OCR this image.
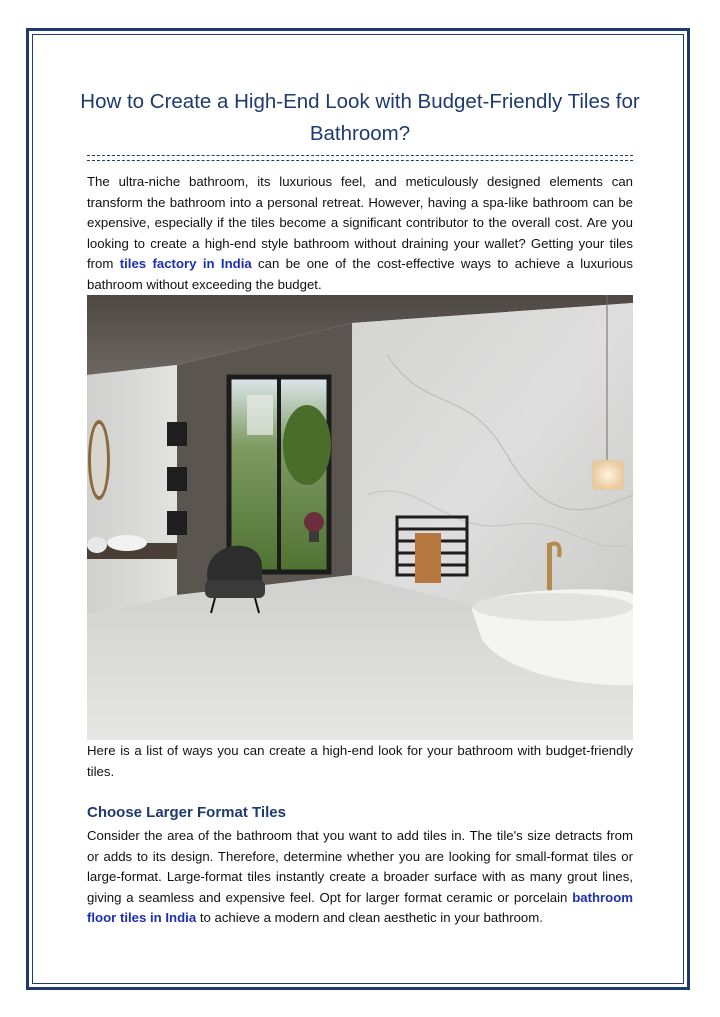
How to Create a High-End Look with Budget-Friendly Tiles for Bathroom?

The ultra-niche bathroom, its luxurious feel, and meticulously designed elements can transform the bathroom into a personal retreat. However, having a spa-like bathroom can be expensive, especially if the tiles become a significant contributor to the overall cost. Are you looking to create a high-end style bathroom without draining your wallet? Getting your tiles from tiles factory in India can be one of the cost-effective ways to achieve a luxurious bathroom without exceeding the budget.

Here is a list of ways you can create a high-end look for your bathroom with budget-friendly tiles.

Choose Larger Format Tiles

Consider the area of the bathroom that you want to add tiles in. The tile's size detracts from or adds to its design. Therefore, determine whether you are looking for small-format tiles or large-format. Large-format tiles instantly create a broader surface with as many grout lines, giving a seamless and expensive feel. Opt for larger format ceramic or porcelain bathroom floor tiles in India to achieve a modern and clean aesthetic in your bathroom.
